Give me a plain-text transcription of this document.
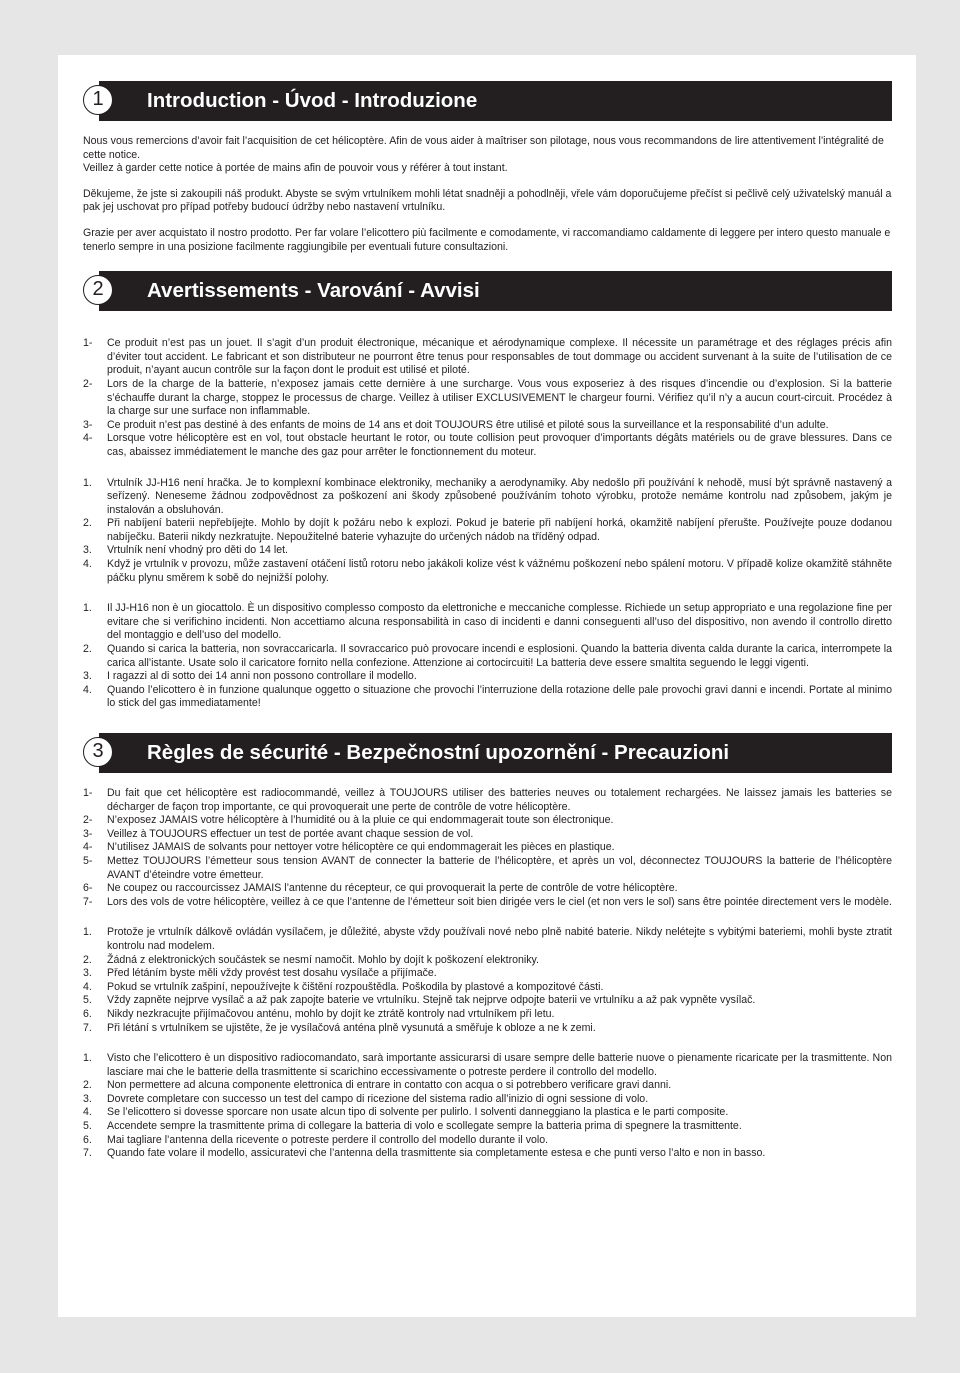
1	Introduction - Úvod - Introduzione

Nous vous remercions d’avoir fait l’acquisition de cet hélicoptère. Afin de vous aider à maîtriser son pilotage, nous vous recommandons de lire attentivement l’intégralité de cette notice.

Veillez à garder cette notice à portée de mains afin de pouvoir vous y référer à tout instant.

Děkujeme, že jste si zakoupili náš produkt. Abyste se svým vrtulníkem mohli létat snadněji a pohodlněji, vřele vám doporučujeme přečíst si pečlivě celý uživatelský manuál a pak jej uschovat pro případ potřeby budoucí údržby nebo nastavení vrtulníku.

Grazie per aver acquistato il nostro prodotto. Per far volare l’elicottero più facilmente e comodamente, vi raccomandiamo caldamente di leggere per intero questo manuale e tenerlo sempre in una posizione facilmente raggiungibile per eventuali future consultazioni.

2	Avertissements - Varování - Avvisi
1- Ce produit n’est pas un jouet. Il s’agit d’un produit électronique, mécanique et aérodynamique complexe. Il nécessite un paramétrage et des réglages précis afin d’éviter tout accident. Le fabricant et son distributeur ne pourront être tenus pour responsables de tout dommage ou accident survenant à la suite de l’utilisation de ce produit, n’ayant aucun contrôle sur la façon dont le produit est utilisé et piloté.
2- Lors de la charge de la batterie, n’exposez jamais cette dernière à une surcharge. Vous vous exposeriez à des risques d’incendie ou d’explosion. Si la batterie s’échauffe durant la charge, stoppez le processus de charge. Veillez à utiliser EXCLUSIVEMENT le chargeur fourni. Vérifiez qu’il n’y a aucun court-circuit. Procédez à la charge sur une surface non inflammable.
3- Ce produit n’est pas destiné à des enfants de moins de 14 ans et doit TOUJOURS être utilisé et piloté sous la surveillance et la responsabilité d’un adulte.
4- Lorsque votre hélicoptère est en vol, tout obstacle heurtant le rotor, ou toute collision peut provoquer d’importants dégâts matériels ou de grave blessures. Dans ce cas, abaissez immédiatement le manche des gaz pour arrêter le fonctionnement du moteur.
1. Vrtulník JJ-H16 není hračka. Je to komplexní kombinace elektroniky, mechaniky a aerodynamiky. Aby nedošlo při používání k nehodě, musí být správně nastavený a seřízený. Neneseme žádnou zodpovědnost za poškození ani škody způsobené používáním tohoto výrobku, protože nemáme kontrolu nad způsobem, jakým je instalován a obsluhován.
2. Při nabíjení baterii nepřebíjejte. Mohlo by dojít k požáru nebo k explozi. Pokud je baterie při nabíjení horká, okamžitě nabíjení přerušte. Používejte pouze dodanou nabíječku. Baterii nikdy nezkratujte. Nepoužitelné baterie vyhazujte do určených nádob na tříděný odpad.
3. Vrtulník není vhodný pro děti do 14 let.
4. Když je vrtulník v provozu, může zastavení otáčení listů rotoru nebo jakákoli kolize vést k vážnému poškození nebo spálení motoru. V případě kolize okamžitě stáhněte páčku plynu směrem k sobě do nejnižší polohy.
1. Il JJ-H16 non è un giocattolo. È un dispositivo complesso composto da elettroniche e meccaniche complesse. Richiede un setup appropriato e una regolazione fine per evitare che si verifichino incidenti. Non accettiamo alcuna responsabilità in caso di incidenti e danni conseguenti all’uso del dispositivo, non avendo il controllo diretto del montaggio e dell’uso del modello.
2. Quando si carica la batteria, non sovraccaricarla. Il sovraccarico può provocare incendi e esplosioni. Quando la batteria diventa calda durante la carica, interrompete la carica all’istante. Usate solo il caricatore fornito nella confezione. Attenzione ai cortocircuiti! La batteria deve essere smaltita seguendo le leggi vigenti.
3. I ragazzi al di sotto dei 14 anni non possono controllare il modello.
4. Quando l’elicottero è in funzione qualunque oggetto o situazione che provochi l’interruzione della rotazione delle pale provochi gravi danni e incendi. Portate al minimo lo stick del gas immediatamente!
3	Règles de sécurité - Bezpečnostní upozornění - Precauzioni
1- Du fait que cet hélicoptère est radiocommandé, veillez à TOUJOURS utiliser des batteries neuves ou totalement rechargées. Ne laissez jamais les batteries se décharger de façon trop importante, ce qui provoquerait une perte de contrôle de votre hélicoptère.
2- N’exposez JAMAIS votre hélicoptère à l’humidité ou à la pluie ce qui endommagerait toute son électronique.
3- Veillez à TOUJOURS effectuer un test de portée avant chaque session de vol.
4- N’utilisez JAMAIS de solvants pour nettoyer votre hélicoptère ce qui endommagerait les pièces en plastique.
5- Mettez TOUJOURS l’émetteur sous tension AVANT de connecter la batterie de l’hélicoptère, et après un vol, déconnectez TOUJOURS la batterie de l’hélicoptère AVANT d’éteindre votre émetteur.
6- Ne coupez ou raccourcissez JAMAIS l’antenne du récepteur, ce qui provoquerait la perte de contrôle de votre hélicoptère.
7- Lors des vols de votre hélicoptère, veillez à ce que l’antenne de l’émetteur soit bien dirigée vers le ciel (et non vers le sol) sans être pointée directement vers le modèle.
1. Protože je vrtulník dálkově ovládán vysílačem, je důležité, abyste vždy používali nové nebo plně nabité baterie. Nikdy nelétejte s vybitými bateriemi, mohli byste ztratit kontrolu nad modelem.
2. Žádná z elektronických součástek se nesmí namočit. Mohlo by dojít k poškození elektroniky.
3. Před létáním byste měli vždy provést test dosahu vysílače a přijímače.
4. Pokud se vrtulník zašpiní, nepoužívejte k čištění rozpouštědla. Poškodila by plastové a kompozitové části.
5. Vždy zapněte nejprve vysílač a až pak zapojte baterie ve vrtulníku. Stejně tak nejprve odpojte baterii ve vrtulníku a až pak vypněte vysílač.
6. Nikdy nezkracujte přijímačovou anténu, mohlo by dojít ke ztrátě kontroly nad vrtulníkem při letu.
7. Při létání s vrtulníkem se ujistěte, že je vysílačová anténa plně vysunutá a směřuje k obloze a ne k zemi.
1. Visto che l’elicottero è un dispositivo radiocomandato, sarà importante assicurarsi di usare sempre delle batterie nuove o pienamente ricaricate per la trasmittente. Non lasciare mai che le batterie della trasmittente si scarichino eccessivamente o potreste perdere il controllo del modello.
2. Non permettere ad alcuna componente elettronica di entrare in contatto con acqua o si potrebbero verificare gravi danni.
3. Dovrete completare con successo un test del campo di ricezione del sistema radio all’inizio di ogni sessione di volo.
4. Se l’elicottero si dovesse sporcare non usate alcun tipo di solvente per pulirlo. I solventi danneggiano la plastica e le parti composite.
5. Accendete sempre la trasmittente prima di collegare la batteria di volo e scollegate sempre la batteria prima di spegnere la trasmittente.
6. Mai tagliare l’antenna della ricevente o potreste perdere il controllo del modello durante il volo.
7. Quando fate volare il modello, assicuratevi che l’antenna della trasmittente sia completamente estesa e che punti verso l’alto e non in basso.
